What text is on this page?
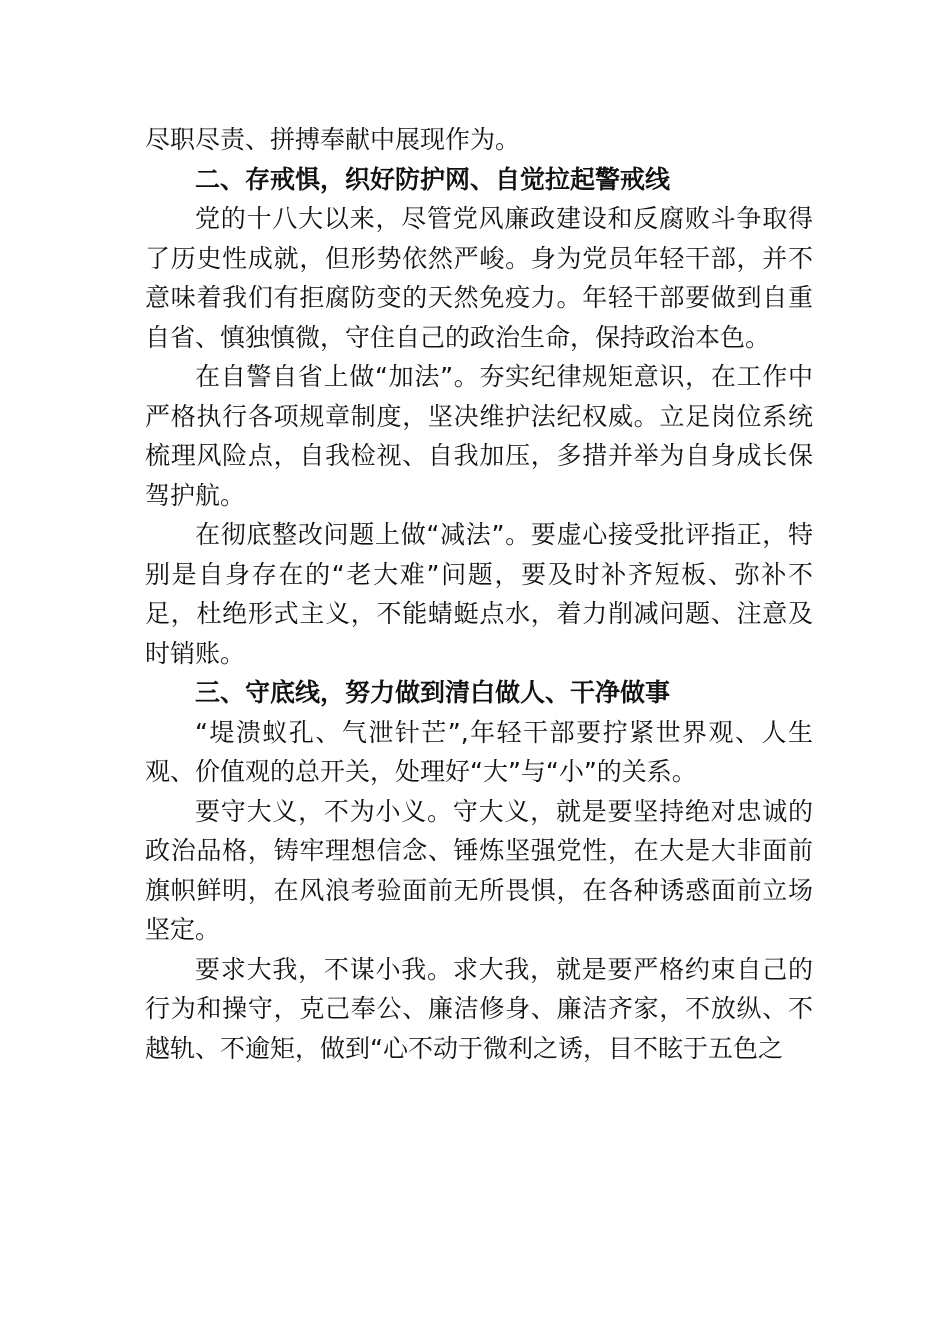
尽职尽责、拼搏奉献中展现作为。

二、存戒惧，织好防护网、自觉拉起警戒线

党的十八大以来，尽管党风廉政建设和反腐败斗争取得了历史性成就，但形势依然严峻。身为党员年轻干部，并不意味着我们有拒腐防变的天然免疫力。年轻干部要做到自重自省、慎独慎微，守住自己的政治生命，保持政治本色。

在自警自省上做“加法”。夯实纪律规矩意识，在工作中严格执行各项规章制度，坚决维护法纪权威。立足岗位系统梳理风险点，自我检视、自我加压，多措并举为自身成长保驾护航。

在彻底整改问题上做“减法”。要虚心接受批评指正，特别是自身存在的“老大难”问题，要及时补齐短板、弥补不足，杜绝形式主义，不能蜻蜓点水，着力削减问题、注意及时销账。

三、守底线，努力做到清白做人、干净做事

“堤溃蚁孔、气泄针芒”,年轻干部要拧紧世界观、人生观、价值观的总开关，处理好“大”与“小”的关系。

要守大义，不为小义。守大义，就是要坚持绝对忠诚的政治品格，铸牢理想信念、锤炼坚强党性，在大是大非面前旗帜鲜明，在风浪考验面前无所畏惧，在各种诱惑面前立场坚定。

要求大我，不谋小我。求大我，就是要严格约束自己的行为和操守，克己奉公、廉洁修身、廉洁齐家，不放纵、不越轨、不逾矩，做到“心不动于微利之诱，目不眩于五色之
